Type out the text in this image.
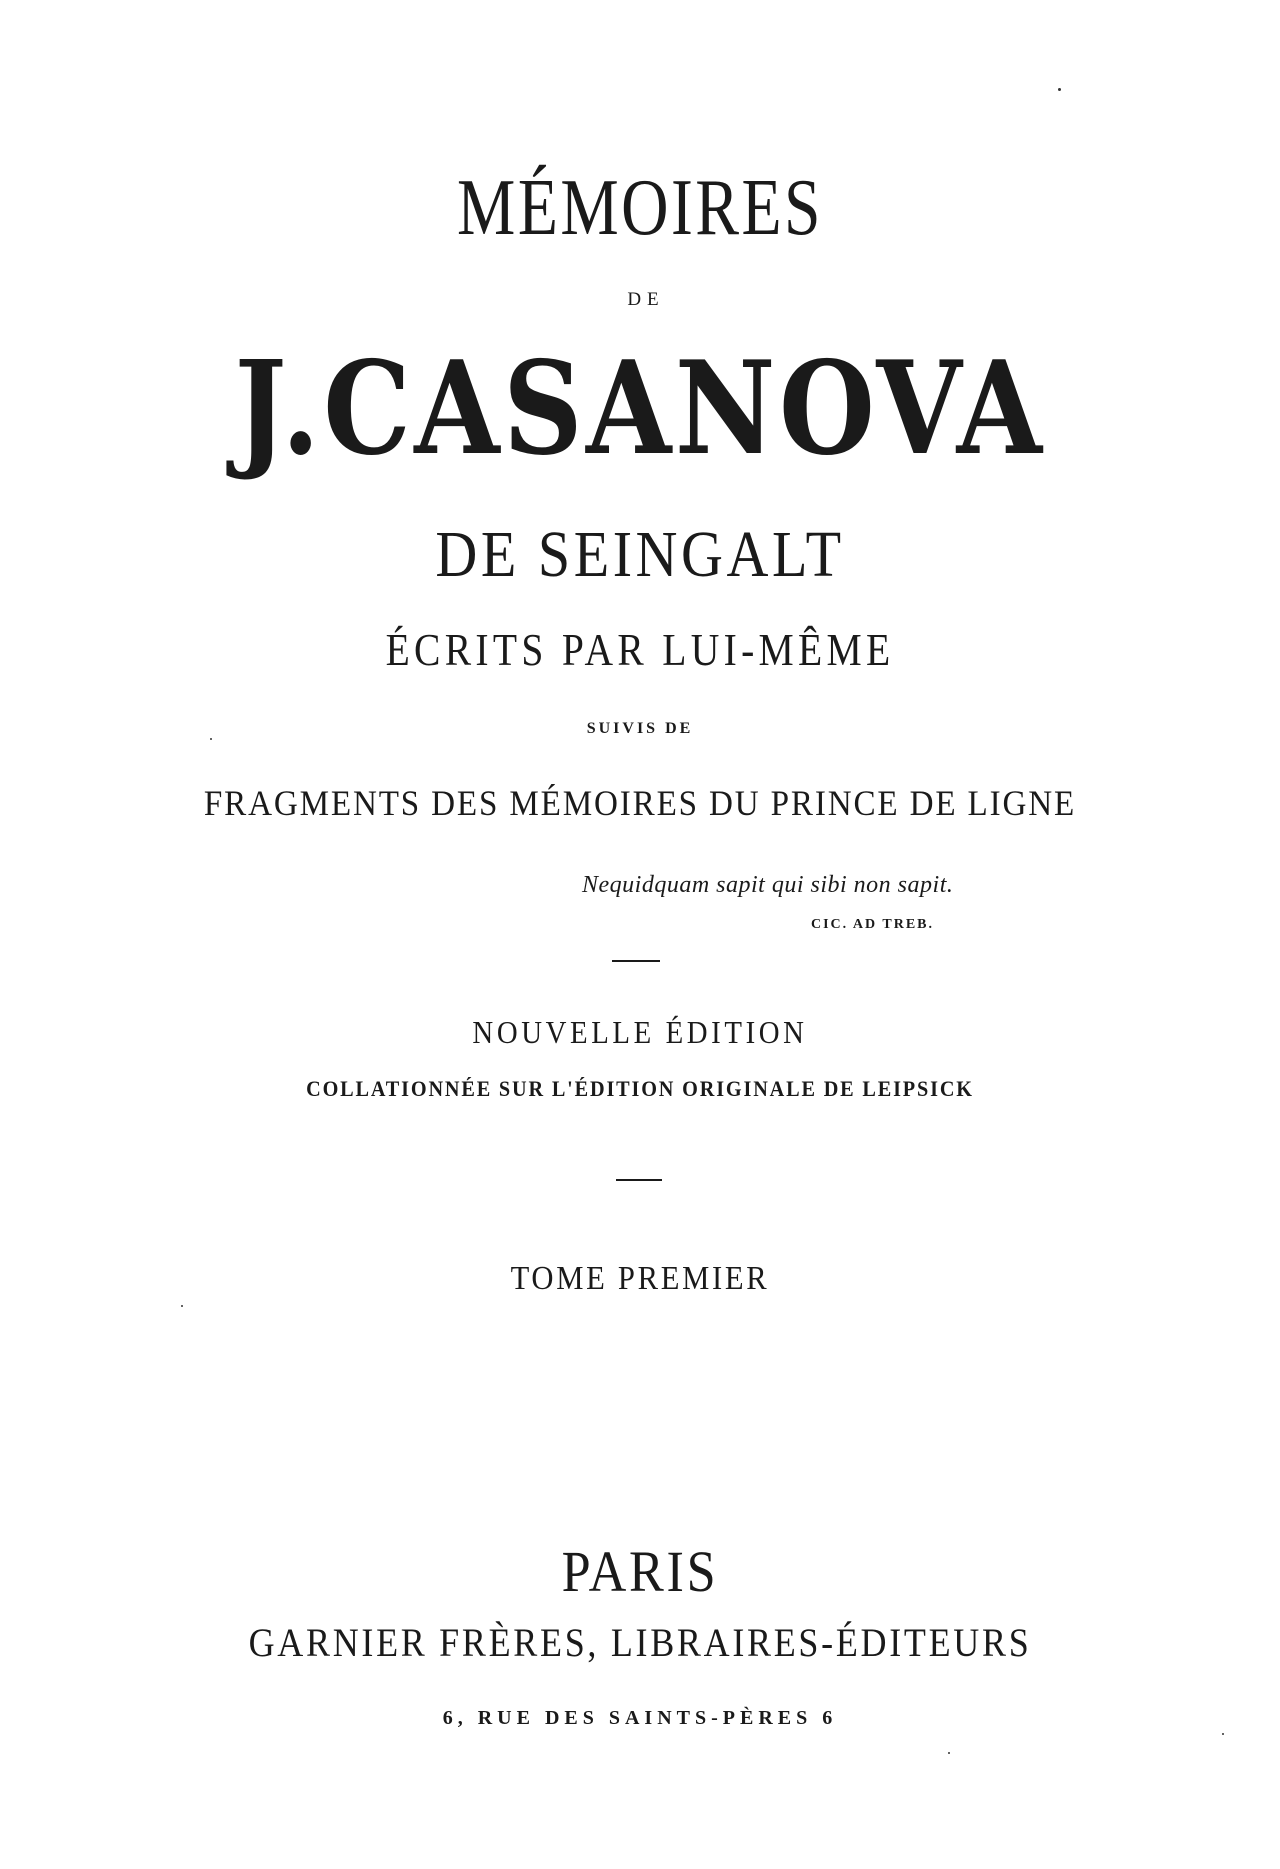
MÉMOIRES
DE
J.CASANOVA
DE SEINGALT
ÉCRITS PAR LUI-MÊME
SUIVIS DE
FRAGMENTS DES MÉMOIRES DU PRINCE DE LIGNE
Nequidquam sapit qui sibi non sapit.
CIC. AD TREB.
NOUVELLE ÉDITION
COLLATIONNÉE SUR L'ÉDITION ORIGINALE DE LEIPSICK
TOME PREMIER
PARIS
GARNIER FRÈRES, LIBRAIRES-ÉDITEURS
6, RUE DES SAINTS-PÈRES 6
